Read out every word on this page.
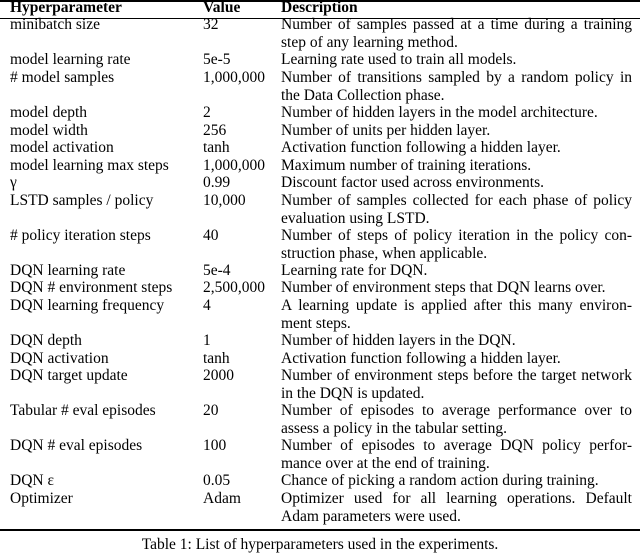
Hyperparameter	Value	Description
minibatch size	32	Number of samples passed at a time during a training
step of any learning method.
model learning rate	5e-5	Learning rate used to train all models.
# model samples	1,000,000	Number of transitions sampled by a random policy in
the Data Collection phase.
model depth	2	Number of hidden layers in the model architecture.
model width	256	Number of units per hidden layer.
model activation	tanh	Activation function following a hidden layer.
model learning max steps	1,000,000	Maximum number of training iterations.
γ	0.99	Discount factor used across environments.
LSTD samples / policy	10,000	Number of samples collected for each phase of policy
evaluation using LSTD.
# policy iteration steps	40	Number of steps of policy iteration in the policy con-
struction phase, when applicable.
DQN learning rate	5e-4	Learning rate for DQN.
DQN # environment steps	2,500,000	Number of environment steps that DQN learns over.
DQN learning frequency	4	A learning update is applied after this many environ-
ment steps.
DQN depth	1	Number of hidden layers in the DQN.
DQN activation	tanh	Activation function following a hidden layer.
DQN target update	2000	Number of environment steps before the target network
in the DQN is updated.
Tabular # eval episodes	20	Number of episodes to average performance over to
assess a policy in the tabular setting.
DQN # eval episodes	100	Number of episodes to average DQN policy perfor-
mance over at the end of training.
DQN ε	0.05	Chance of picking a random action during training.
Optimizer	Adam	Optimizer used for all learning operations. Default
Adam parameters were used.
Table 1: List of hyperparameters used in the experiments.
